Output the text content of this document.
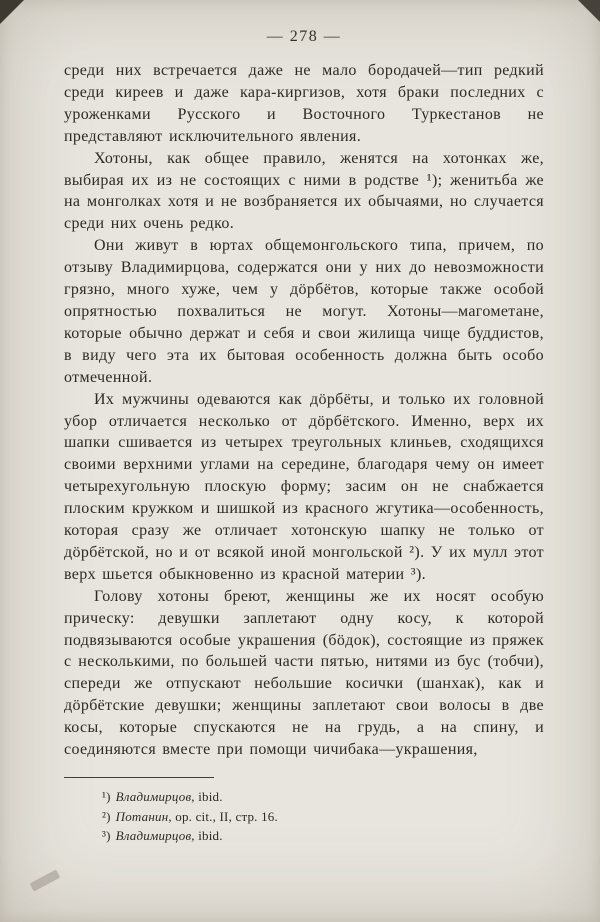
— 278 —

среди них встречается даже не мало бородачей—тип редкий среди киреев и даже кара-киргизов, хотя браки последних с уроженками Русского и Восточного Туркестанов не представляют исключительного явления.

Хотоны, как общее правило, женятся на хотонках же, выбирая их из не состоящих с ними в родстве ¹); женитьба же на монголках хотя и не возбраняется их обычаями, но случается среди них очень редко.

Они живут в юртах общемонгольского типа, причем, по отзыву Владимирцова, содержатся они у них до невозможности грязно, много хуже, чем у дöрбётов, которые также особой опрятностью похвалиться не могут. Хотоны—магометане, которые обычно держат и себя и свои жилища чище буддистов, в виду чего эта их бытовая особенность должна быть особо отмеченной.

Их мужчины одеваются как дöрбёты, и только их головной убор отличается несколько от дöрбётского. Именно, верх их шапки сшивается из четырех треугольных клиньев, сходящихся своими верхними углами на середине, благодаря чему он имеет четырехугольную плоскую форму; засим он не снабжается плоским кружком и шишкой из красного жгутика—особенность, которая сразу же отличает хотонскую шапку не только от дöрбётской, но и от всякой иной монгольской ²). У их мулл этот верх шьется обыкновенно из красной материи ³).

Голову хотоны бреют, женщины же их носят особую прическу: девушки заплетают одну косу, к которой подвязываются особые украшения (бöдок), состоящие из пряжек с несколькими, по большей части пятью, нитями из бус (тобчи), спереди же отпускают небольшие косички (шанхак), как и дöрбётские девушки; женщины заплетают свои волосы в две косы, которые спускаются не на грудь, а на спину, и соединяются вместе при помощи чичибака—украшения,

¹) Владимирцов, ibid.
²) Потанин, op. cit., II, стр. 16.
³) Владимирцов, ibid.
